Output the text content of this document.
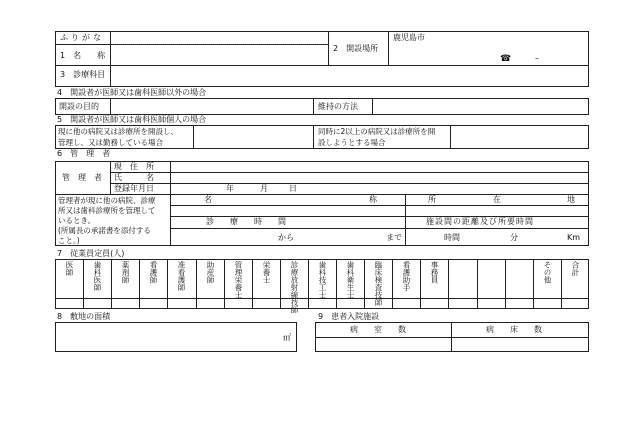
ふりがな
1　名　　称
2　開設場所
鹿児島市
☎	–
3　診療科目
4　開設者が医師又は歯科医師以外の場合
開設の目的	維持の方法
5　開設者が医師又は歯科医師個人の場合
現に他の病院又は診療所を開設し、
管理し、又は勤務している場合
同時に2以上の病院又は診療所を開
設しようとする場合
6　管　理　者
管　理　者
現　住　所
氏　　　名
登録年月日	年	月	日
管理者が現に他の病院、診療
所又は歯科診療所を管理して
いるとき。
(所属長の承諾書を添付する
こと。)
名	称	所	在	地
診　　療　　時　　間	施設間の距離及び所要時間
から	まで	時間	分	Km
7　従業員定員(人)
医師	歯科医師	薬剤師	看護師	准看護師	助産師	管理栄養士	栄養士	診療放射線技師	歯科技工士	歯科衛生士	臨床検査技師	看護助手	事務員	その他	合計
8　敷地の面積
㎡
9　患者入院施設
病　　室　　数	病　　床　　数
